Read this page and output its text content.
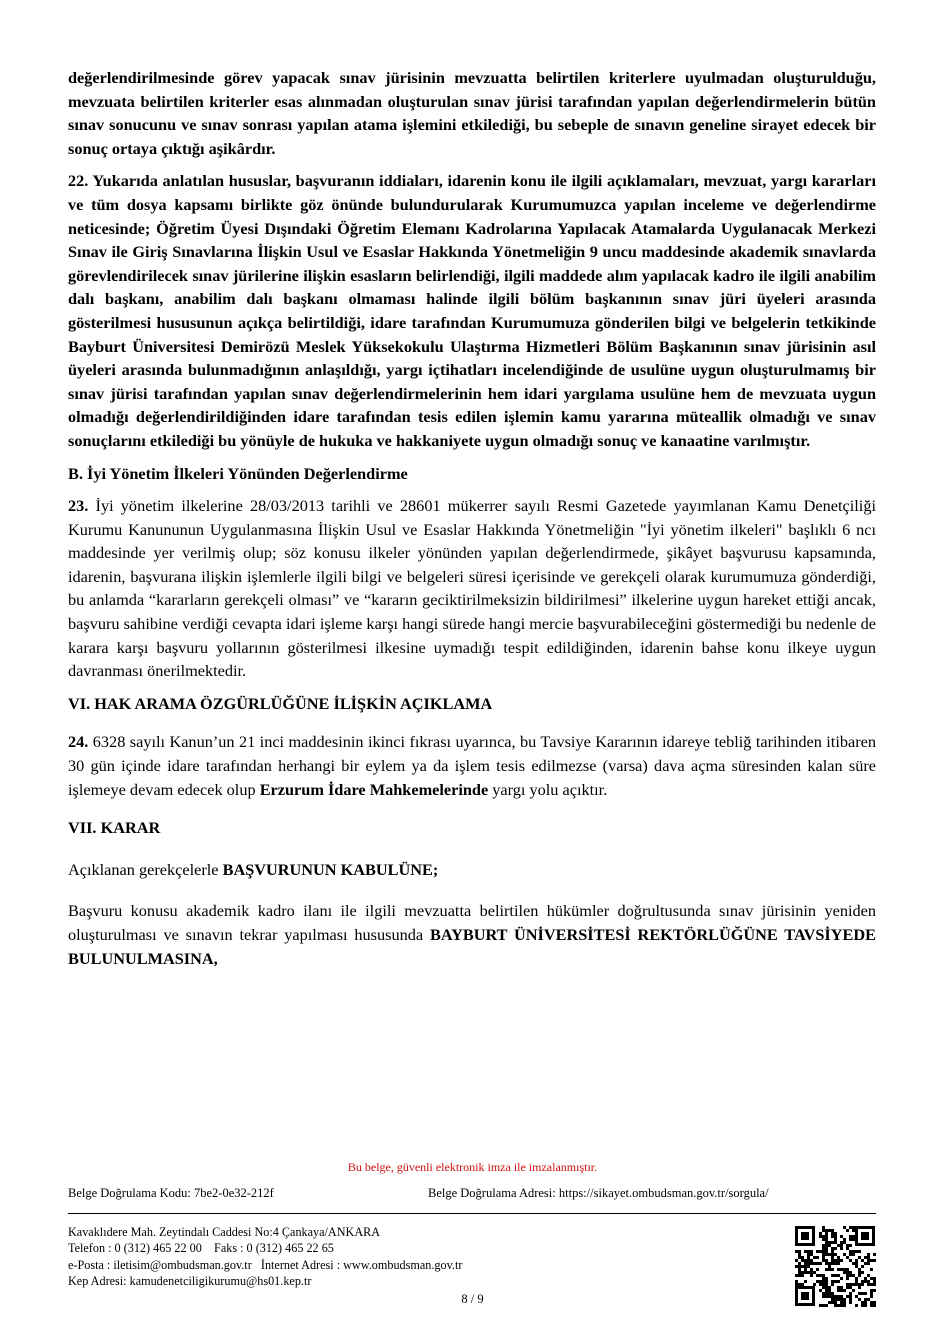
değerlendirilmesinde görev yapacak sınav jürisinin mevzuatta belirtilen kriterlere uyulmadan oluşturulduğu, mevzuata belirtilen kriterler esas alınmadan oluşturulan sınav jürisi tarafından yapılan değerlendirmelerin bütün sınav sonucunu ve sınav sonrası yapılan atama işlemini etkilediği, bu sebeple de sınavın geneline sirayet edecek bir sonuç ortaya çıktığı aşikârdır.

22. Yukarıda anlatılan hususlar, başvuranın iddiaları, idarenin konu ile ilgili açıklamaları, mevzuat, yargı kararları ve tüm dosya kapsamı birlikte göz önünde bulundurularak Kurumumuzca yapılan inceleme ve değerlendirme neticesinde; Öğretim Üyesi Dışındaki Öğretim Elemanı Kadrolarına Yapılacak Atamalarda Uygulanacak Merkezi Sınav ile Giriş Sınavlarına İlişkin Usul ve Esaslar Hakkında Yönetmeliğin 9 uncu maddesinde akademik sınavlarda görevlendirilecek sınav jürilerine ilişkin esasların belirlendiği, ilgili maddede alım yapılacak kadro ile ilgili anabilim dalı başkanı, anabilim dalı başkanı olmaması halinde ilgili bölüm başkanının sınav jüri üyeleri arasında gösterilmesi hususunun açıkça belirtildiği, idare tarafından Kurumumuza gönderilen bilgi ve belgelerin tetkikinde Bayburt Üniversitesi Demirözü Meslek Yüksekokulu Ulaştırma Hizmetleri Bölüm Başkanının sınav jürisinin asıl üyeleri arasında bulunmadığının anlaşıldığı, yargı içtihatları incelendiğinde de usulüne uygun oluşturulmamış bir sınav jürisi tarafından yapılan sınav değerlendirmelerinin hem idari yargılama usulüne hem de mevzuata uygun olmadığı değerlendirildiğinden idare tarafından tesis edilen işlemin kamu yararına müteallik olmadığı ve sınav sonuçlarını etkilediği bu yönüyle de hukuka ve hakkaniyete uygun olmadığı sonuç ve kanaatine varılmıştır.

B. İyi Yönetim İlkeleri Yönünden Değerlendirme

23. İyi yönetim ilkelerine 28/03/2013 tarihli ve 28601 mükerrer sayılı Resmi Gazetede yayımlanan Kamu Denetçiliği Kurumu Kanununun Uygulanmasına İlişkin Usul ve Esaslar Hakkında Yönetmeliğin "İyi yönetim ilkeleri" başlıklı 6 ncı maddesinde yer verilmiş olup; söz konusu ilkeler yönünden yapılan değerlendirmede, şikâyet başvurusu kapsamında, idarenin, başvurana ilişkin işlemlerle ilgili bilgi ve belgeleri süresi içerisinde ve gerekçeli olarak kurumumuza gönderdiği, bu anlamda “kararların gerekçeli olması” ve “kararın geciktirilmeksizin bildirilmesi” ilkelerine uygun hareket ettiği ancak, başvuru sahibine verdiği cevapta idari işleme karşı hangi sürede hangi mercie başvurabileceğini göstermediği bu nedenle de karara karşı başvuru yollarının gösterilmesi ilkesine uymadığı tespit edildiğinden, idarenin bahse konu ilkeye uygun davranması önerilmektedir.

VI. HAK ARAMA ÖZGÜRLÜĞÜNE İLİŞKİN AÇIKLAMA

24. 6328 sayılı Kanun’un 21 inci maddesinin ikinci fıkrası uyarınca, bu Tavsiye Kararının idareye tebliğ tarihinden itibaren 30 gün içinde idare tarafından herhangi bir eylem ya da işlem tesis edilmezse (varsa) dava açma süresinden kalan süre işlemeye devam edecek olup Erzurum İdare Mahkemelerinde yargı yolu açıktır.

VII. KARAR

Açıklanan gerekçelerle BAŞVURUNUN KABULÜNE;

Başvuru konusu akademik kadro ilanı ile ilgili mevzuatta belirtilen hükümler doğrultusunda sınav jürisinin yeniden oluşturulması ve sınavın tekrar yapılması hususunda BAYBURT ÜNİVERSİTESİ REKTÖRLÜĞÜNE TAVSİYEDE BULUNULMASINA,

Bu belge, güvenli elektronik imza ile imzalanmıştır.
Belge Doğrulama Kodu: 7be2-0e32-212f	Belge Doğrulama Adresi: https://sikayet.ombudsman.gov.tr/sorgula/
Kavaklıdere Mah. Zeytindalı Caddesi No:4 Çankaya/ANKARA
Telefon : 0 (312) 465 22 00    Faks : 0 (312) 465 22 65
e-Posta : iletisim@ombudsman.gov.tr   İnternet Adresi : www.ombudsman.gov.tr
Kep Adresi: kamudenetciligikurumu@hs01.kep.tr
8 / 9
